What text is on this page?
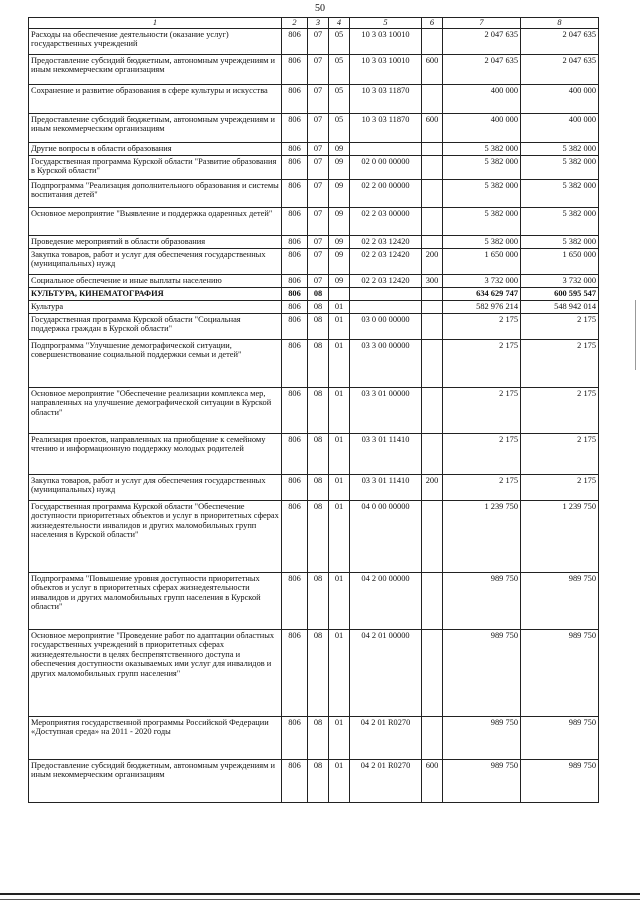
50
1	2	3	4	5	6	7	8
Расходы на обеспечение деятельности (оказание услуг) государственных учреждений	806	07	05	10 3 03 10010		2 047 635	2 047 635
Предоставление субсидий бюджетным, автономным учреждениям и иным некоммерческим организациям	806	07	05	10 3 03 10010	600	2 047 635	2 047 635
Сохранение и развитие образования в сфере культуры и искусства	806	07	05	10 3 03 11870		400 000	400 000
Предоставление субсидий бюджетным, автономным учреждениям и иным некоммерческим организациям	806	07	05	10 3 03 11870	600	400 000	400 000
Другие вопросы в области образования	806	07	09			5 382 000	5 382 000
Государственная программа Курской области "Развитие образования в Курской области"	806	07	09	02 0 00 00000		5 382 000	5 382 000
Подпрограмма "Реализация дополнительного образования и системы воспитания детей"	806	07	09	02 2 00 00000		5 382 000	5 382 000
Основное мероприятие "Выявление и поддержка одаренных детей"	806	07	09	02 2 03 00000		5 382 000	5 382 000
Проведение мероприятий в области образования	806	07	09	02 2 03 12420		5 382 000	5 382 000
Закупка товаров, работ и услуг для обеспечения государственных (муниципальных) нужд	806	07	09	02 2 03 12420	200	1 650 000	1 650 000
Социальное обеспечение и иные выплаты населению	806	07	09	02 2 03 12420	300	3 732 000	3 732 000
КУЛЬТУРА, КИНЕМАТОГРАФИЯ	806	08				634 629 747	600 595 547
Культура	806	08	01			582 976 214	548 942 014
Государственная программа Курской области "Социальная поддержка граждан в Курской области"	806	08	01	03 0 00 00000		2 175	2 175
Подпрограмма "Улучшение демографической ситуации, совершенствование социальной поддержки семьи и детей"	806	08	01	03 3 00 00000		2 175	2 175
Основное мероприятие "Обеспечение реализации комплекса мер, направленных на улучшение демографической ситуации в Курской области"	806	08	01	03 3 01 00000		2 175	2 175
Реализация проектов, направленных на приобщение к семейному чтению и информационную поддержку молодых родителей	806	08	01	03 3 01 11410		2 175	2 175
Закупка товаров, работ и услуг для обеспечения государственных (муниципальных) нужд	806	08	01	03 3 01 11410	200	2 175	2 175
Государственная программа Курской области "Обеспечение доступности приоритетных объектов и услуг в приоритетных сферах жизнедеятельности инвалидов и других маломобильных групп населения в Курской области"	806	08	01	04 0 00 00000		1 239 750	1 239 750
Подпрограмма "Повышение уровня доступности приоритетных объектов и услуг в приоритетных сферах жизнедеятельности инвалидов и других маломобильных групп населения в Курской области"	806	08	01	04 2 00 00000		989 750	989 750
Основное мероприятие "Проведение работ по адаптации областных государственных учреждений в приоритетных сферах жизнедеятельности в целях беспрепятственного доступа и обеспечения доступности оказываемых ими услуг для инвалидов и других маломобильных групп населения"	806	08	01	04 2 01 00000		989 750	989 750
Мероприятия государственной программы Российской Федерации «Доступная среда» на 2011 - 2020 годы	806	08	01	04 2 01 R0270		989 750	989 750
Предоставление субсидий бюджетным, автономным учреждениям и иным некоммерческим организациям	806	08	01	04 2 01 R0270	600	989 750	989 750
